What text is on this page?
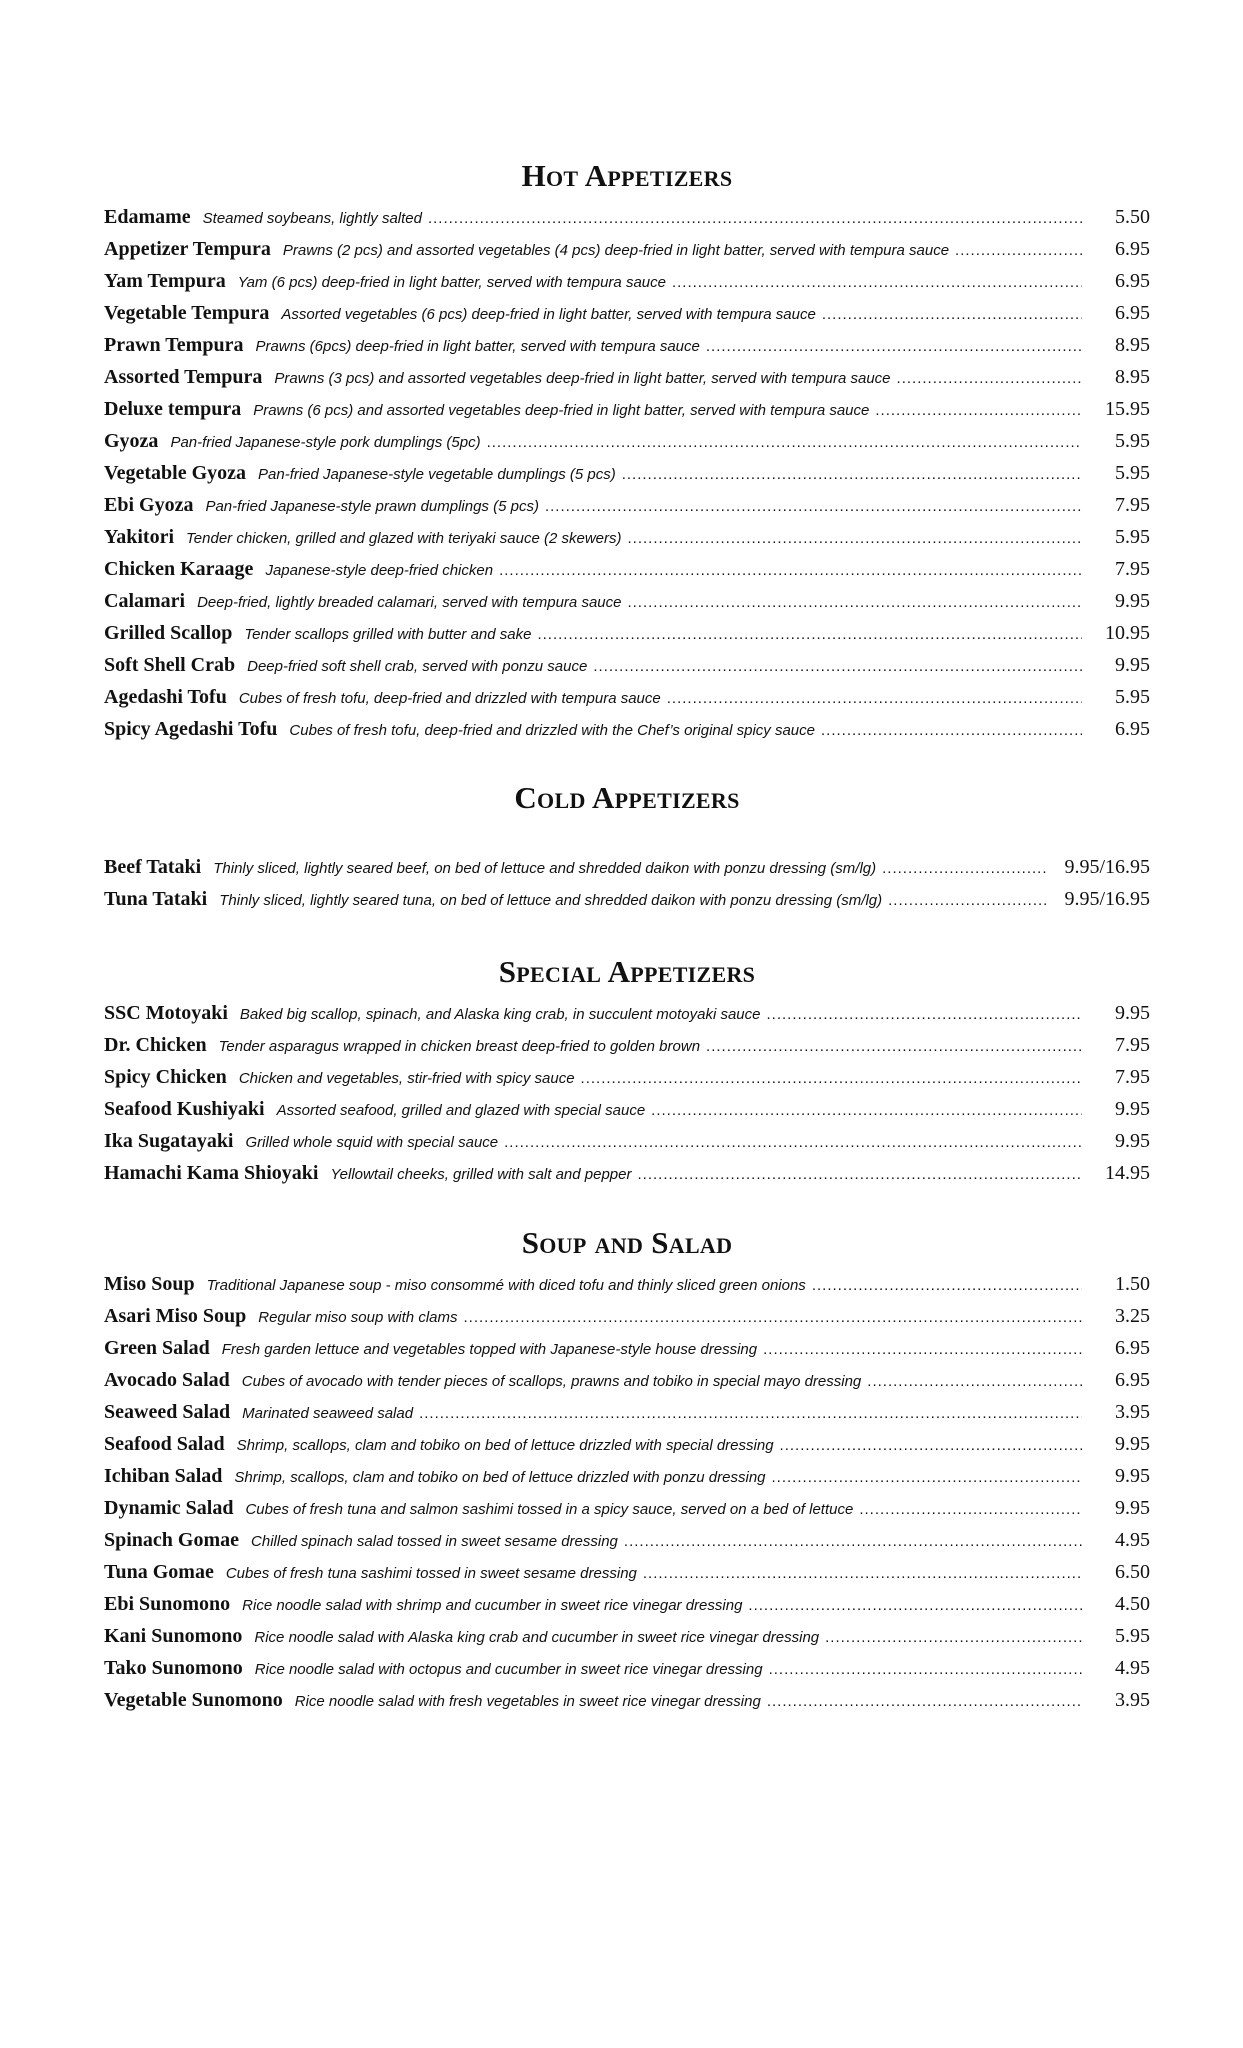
Hot Appetizers
Edamame Steamed soybeans, lightly salted .....	5.50
Appetizer Tempura Prawns (2 pcs) and assorted vegetables (4 pcs) deep-fried in light batter, served with tempura sauce .....	6.95
Yam Tempura Yam (6 pcs) deep-fried in light batter, served with tempura sauce .....	6.95
Vegetable Tempura Assorted vegetables (6 pcs) deep-fried in light batter, served with tempura sauce .....	6.95
Prawn Tempura Prawns (6pcs) deep-fried in light batter, served with tempura sauce .....	8.95
Assorted Tempura Prawns (3 pcs) and assorted vegetables deep-fried in light batter, served with tempura sauce .....	8.95
Deluxe tempura Prawns (6 pcs) and assorted vegetables deep-fried in light batter, served with tempura sauce .....	15.95
Gyoza Pan-fried Japanese-style pork dumplings (5pc) .....	5.95
Vegetable Gyoza Pan-fried Japanese-style vegetable dumplings (5 pcs) .....	5.95
Ebi Gyoza Pan-fried Japanese-style prawn dumplings (5 pcs) .....	7.95
Yakitori Tender chicken, grilled and glazed with teriyaki sauce (2 skewers) .....	5.95
Chicken Karaage Japanese-style deep-fried chicken .....	7.95
Calamari Deep-fried, lightly breaded calamari, served with tempura sauce .....	9.95
Grilled Scallop Tender scallops grilled with butter and sake .....	10.95
Soft Shell Crab Deep-fried soft shell crab, served with ponzu sauce .....	9.95
Agedashi Tofu Cubes of fresh tofu, deep-fried and drizzled with tempura sauce .....	5.95
Spicy Agedashi Tofu Cubes of fresh tofu, deep-fried and drizzled with the Chef’s original spicy sauce .....	6.95
Cold Appetizers
Beef Tataki Thinly sliced, lightly seared beef, on bed of lettuce and shredded daikon with ponzu dressing (sm/lg) .....	9.95/16.95
Tuna Tataki Thinly sliced, lightly seared tuna, on bed of lettuce and shredded daikon with ponzu dressing (sm/lg) .....	9.95/16.95
Special Appetizers
SSC Motoyaki Baked big scallop, spinach, and Alaska king crab, in succulent motoyaki sauce .....	9.95
Dr. Chicken Tender asparagus wrapped in chicken breast deep-fried to golden brown .....	7.95
Spicy Chicken Chicken and vegetables, stir-fried with spicy sauce .....	7.95
Seafood Kushiyaki Assorted seafood, grilled and glazed with special sauce .....	9.95
Ika Sugatayaki Grilled whole squid with special sauce .....	9.95
Hamachi Kama Shioyaki Yellowtail cheeks, grilled with salt and pepper .....	14.95
Soup and Salad
Miso Soup Traditional Japanese soup - miso consommé with diced tofu and thinly sliced green onions .....	1.50
Asari Miso Soup Regular miso soup with clams .....	3.25
Green Salad Fresh garden lettuce and vegetables topped with Japanese-style house dressing .....	6.95
Avocado Salad Cubes of avocado with tender pieces of scallops, prawns and tobiko in special mayo dressing .....	6.95
Seaweed Salad Marinated seaweed salad .....	3.95
Seafood Salad Shrimp, scallops, clam and tobiko on bed of lettuce drizzled with special dressing .....	9.95
Ichiban Salad Shrimp, scallops, clam and tobiko on bed of lettuce drizzled with ponzu dressing .....	9.95
Dynamic Salad Cubes of fresh tuna and salmon sashimi tossed in a spicy sauce, served on a bed of lettuce .....	9.95
Spinach Gomae Chilled spinach salad tossed in sweet sesame dressing .....	4.95
Tuna Gomae Cubes of fresh tuna sashimi tossed in sweet sesame dressing .....	6.50
Ebi Sunomono Rice noodle salad with shrimp and cucumber in sweet rice vinegar dressing .....	4.50
Kani Sunomono Rice noodle salad with Alaska king crab and cucumber in sweet rice vinegar dressing .....	5.95
Tako Sunomono Rice noodle salad with octopus and cucumber in sweet rice vinegar dressing .....	4.95
Vegetable Sunomono Rice noodle salad with fresh vegetables in sweet rice vinegar dressing .....	3.95
